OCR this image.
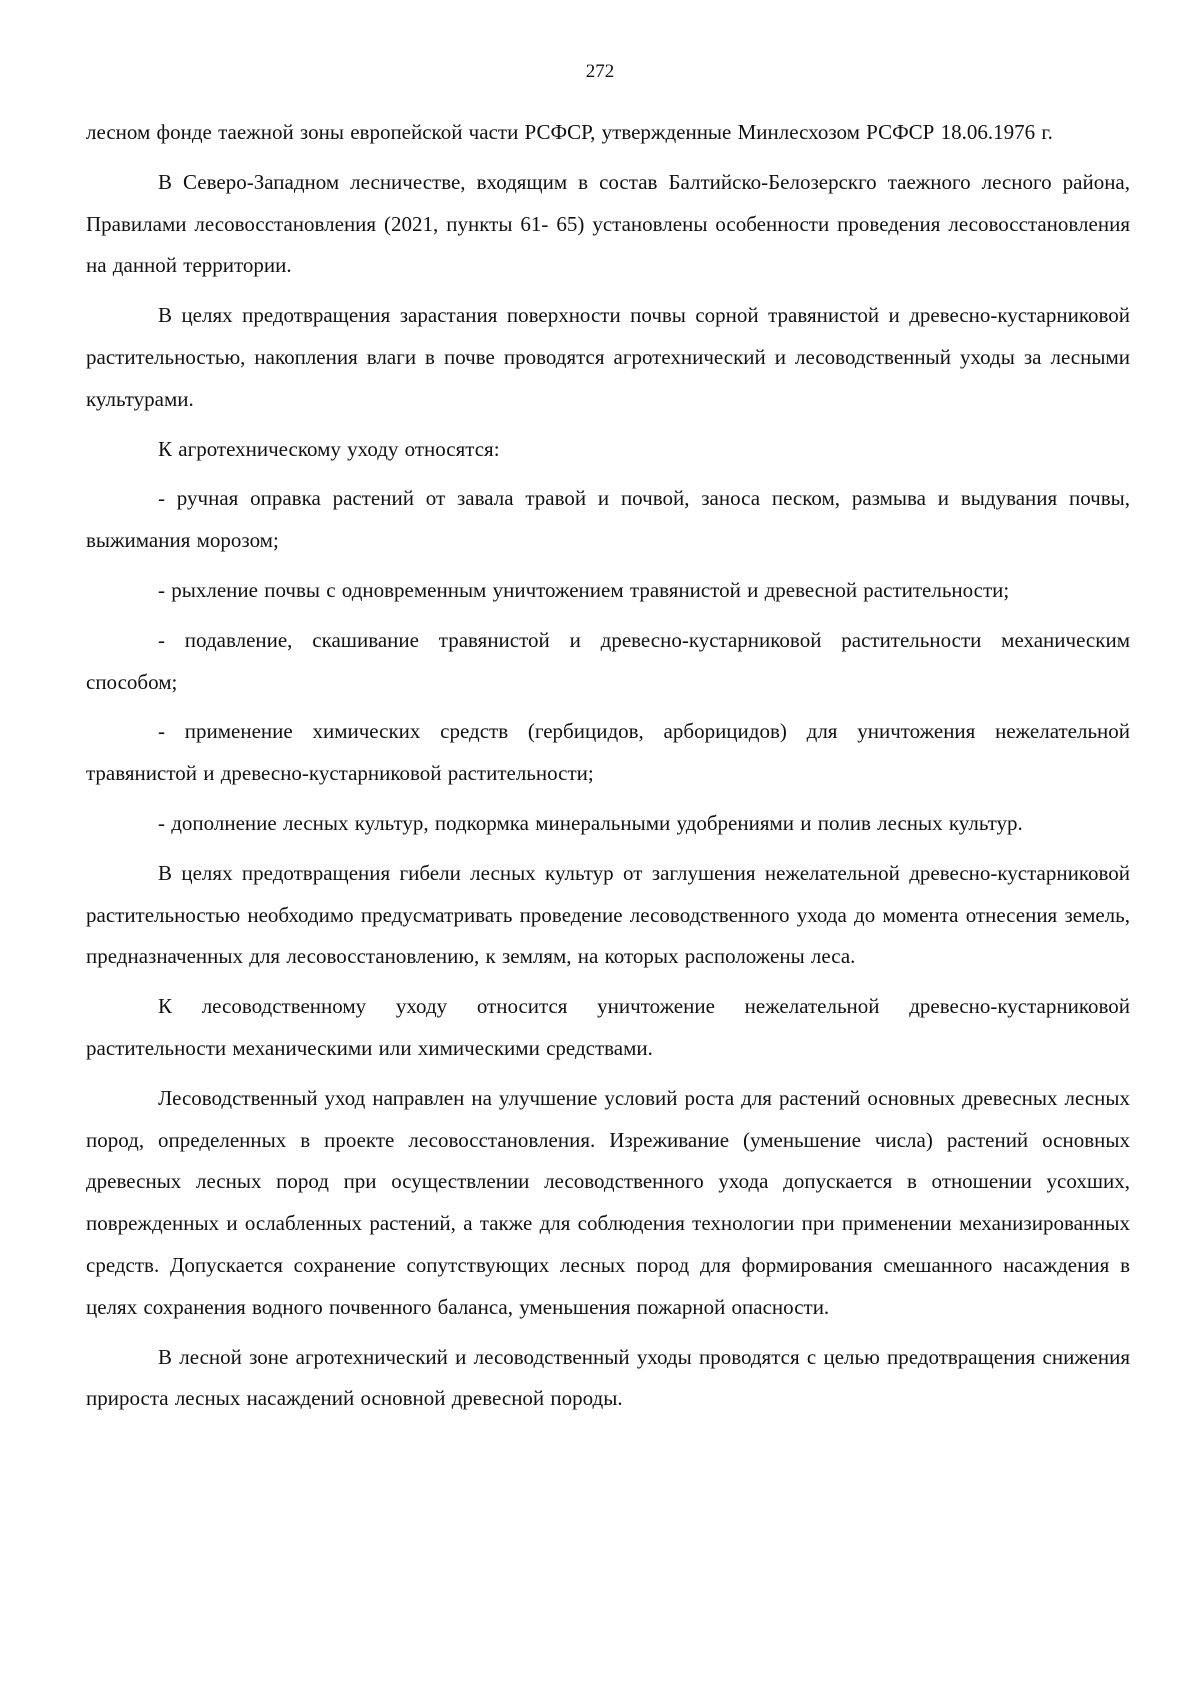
272

лесном фонде таежной зоны европейской части РСФСР, утвержденные Минлесхозом РСФСР 18.06.1976 г.

В Северо-Западном лесничестве, входящим в состав Балтийско-Белозерскго таежного лесного района, Правилами лесовосстановления (2021, пункты 61- 65) установлены особенности проведения лесовосстановления на данной территории.

В целях предотвращения зарастания поверхности почвы сорной травянистой и древесно-кустарниковой растительностью, накопления влаги в почве проводятся агротехнический и лесоводственный уходы за лесными культурами.

К агротехническому уходу относятся:

- ручная оправка растений от завала травой и почвой, заноса песком, размыва и выдувания почвы, выжимания морозом;

- рыхление почвы с одновременным уничтожением травянистой и древесной растительности;

- подавление, скашивание травянистой и древесно-кустарниковой растительности механическим способом;

- применение химических средств (гербицидов, арборицидов) для уничтожения нежелательной травянистой и древесно-кустарниковой растительности;

- дополнение лесных культур, подкормка минеральными удобрениями и полив лесных культур.

В целях предотвращения гибели лесных культур от заглушения нежелательной древесно-кустарниковой растительностью необходимо предусматривать проведение лесоводственного ухода до момента отнесения земель, предназначенных для лесовосстановлению, к землям, на которых расположены леса.

К лесоводственному уходу относится уничтожение нежелательной древесно-кустарниковой растительности механическими или химическими средствами.

Лесоводственный уход направлен на улучшение условий роста для растений основных древесных лесных пород, определенных в проекте лесовосстановления. Изреживание (уменьшение числа) растений основных древесных лесных пород при осуществлении лесоводственного ухода допускается в отношении усохших, поврежденных и ослабленных растений, а также для соблюдения технологии при применении механизированных средств. Допускается сохранение сопутствующих лесных пород для формирования смешанного насаждения в целях сохранения водного почвенного баланса, уменьшения пожарной опасности.

В лесной зоне агротехнический и лесоводственный уходы проводятся с целью предотвращения снижения прироста лесных насаждений основной древесной породы.
